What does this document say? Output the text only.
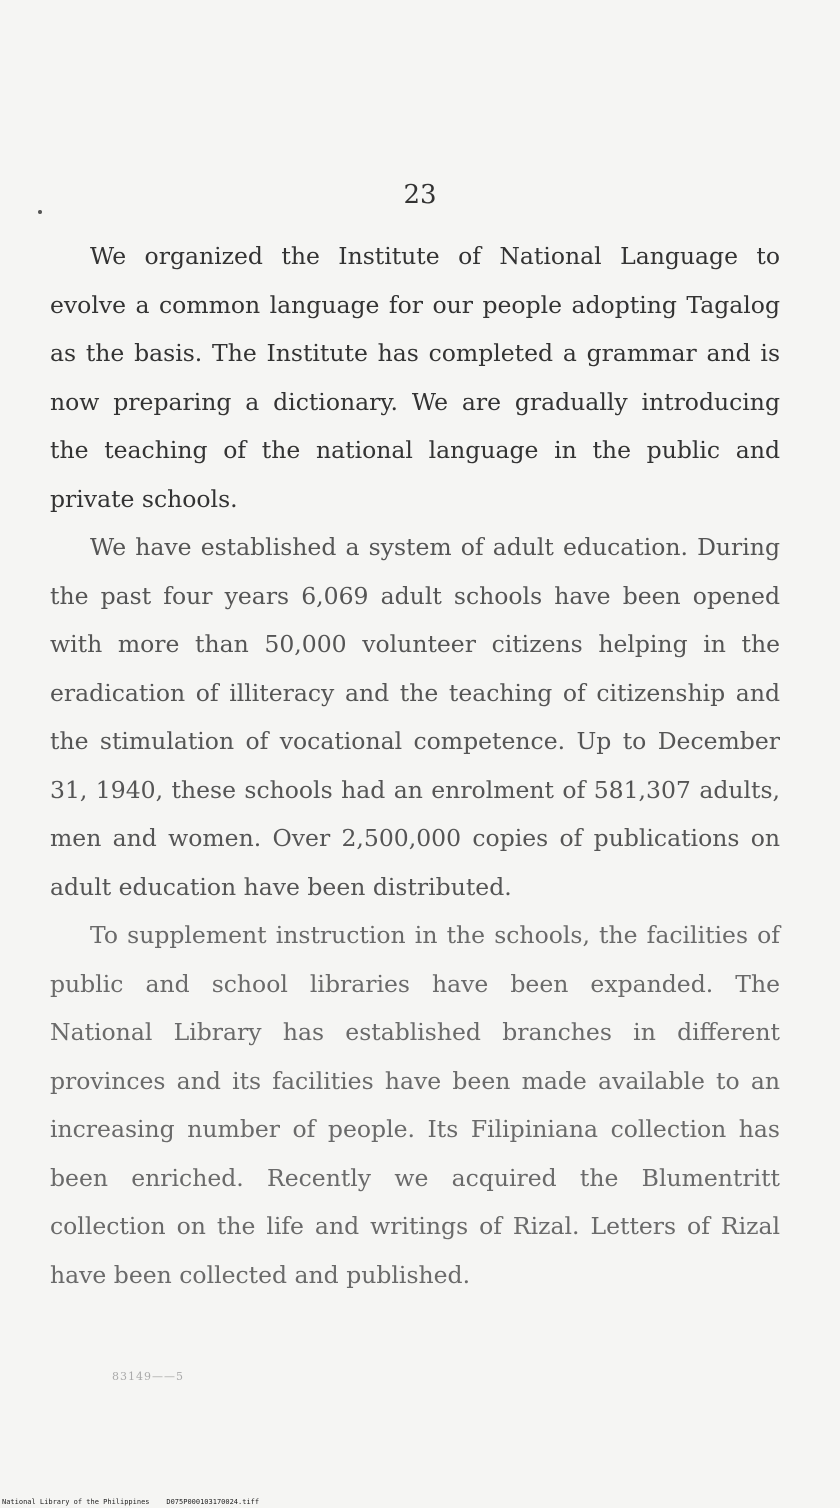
23

We organized the Institute of National Language to evolve a common language for our people adopting Tagalog as the basis. The Institute has completed a grammar and is now preparing a dictionary. We are gradually introducing the teaching of the national language in the public and private schools.

We have established a system of adult education. During the past four years 6,069 adult schools have been opened with more than 50,000 volunteer citizens helping in the eradication of illiteracy and the teaching of citizenship and the stimulation of vocational competence. Up to December 31, 1940, these schools had an enrolment of 581,307 adults, men and women. Over 2,500,000 copies of publications on adult education have been distributed.

To supplement instruction in the schools, the facilities of public and school libraries have been expanded. The National Library has established branches in different provinces and its facilities have been made available to an increasing number of people. Its Filipiniana collection has been enriched. Recently we acquired the Blumentritt collection on the life and writings of Rizal. Letters of Rizal have been collected and published.

83149——5
National Library of the Philippines D075P00010317002‍4.tiff
